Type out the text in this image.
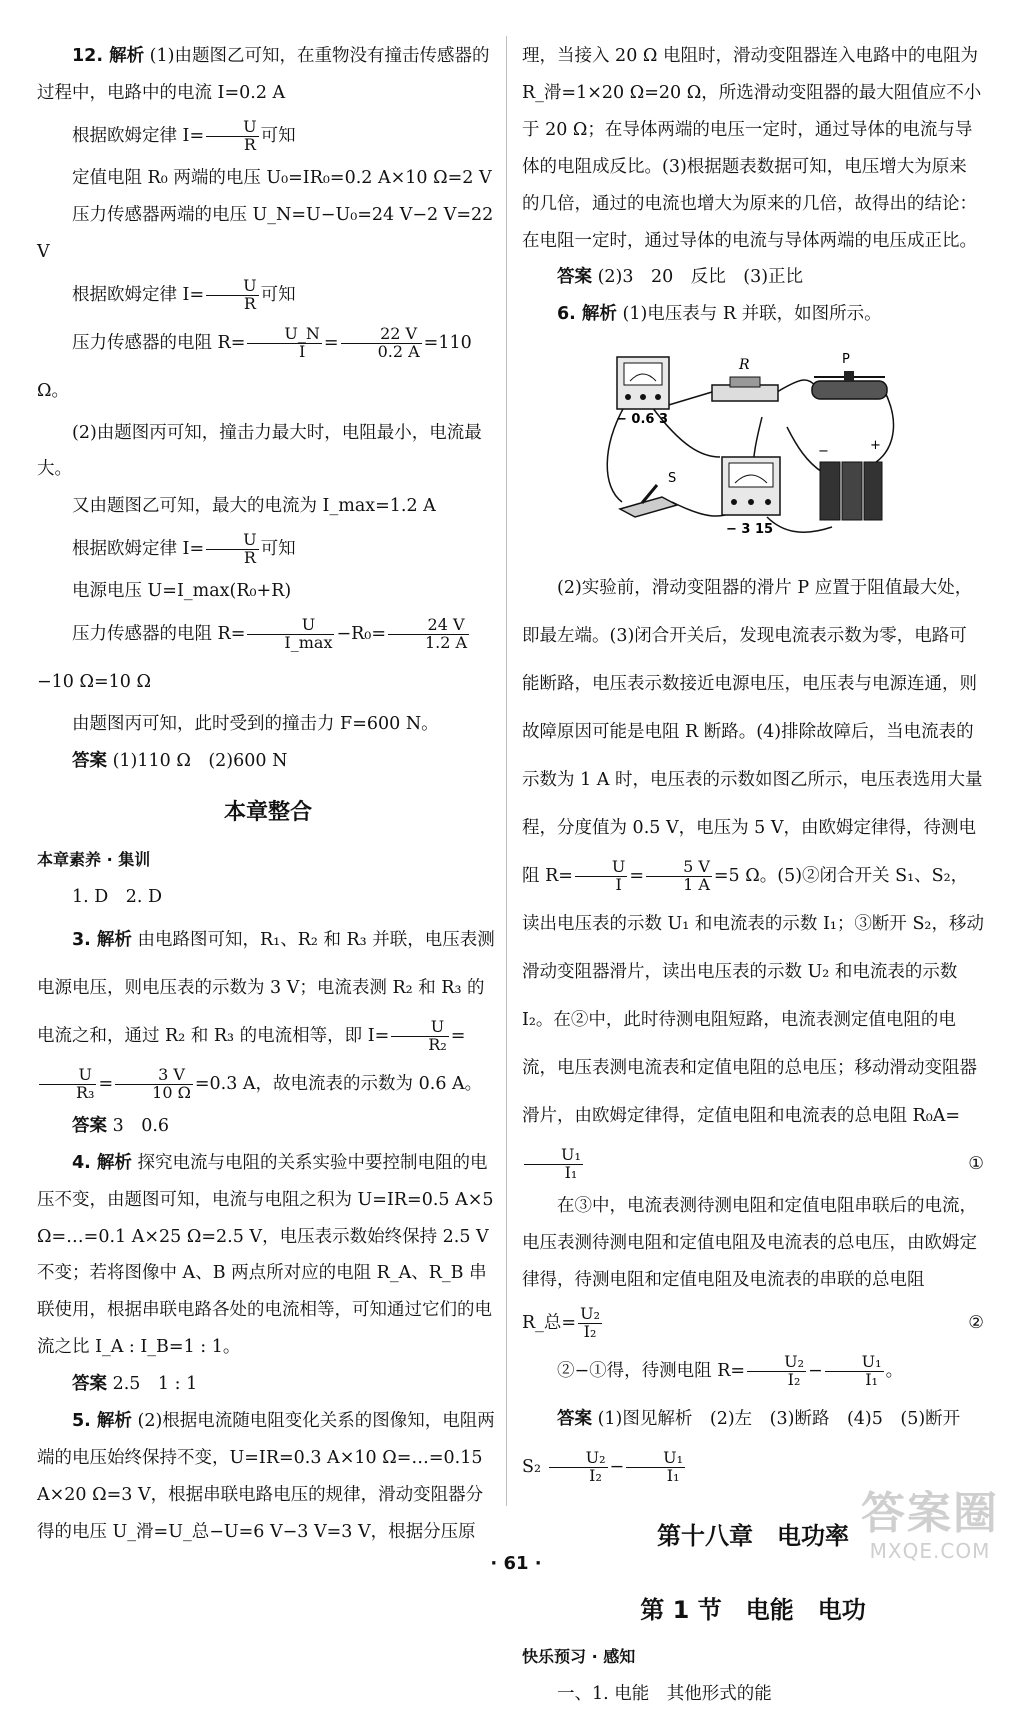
12. 解析 (1)由题图乙可知，在重物没有撞击传感器的过程中，电路中的电流 I=0.2 A

根据欧姆定律 $I= \frac{U}{R}$ 可知

定值电阻 R₀ 两端的电压 U₀=IR₀=0.2 A×10 Ω=2 V

压力传感器两端的电压 U_N=U−U₀=24 V−2 V=22 V

根据欧姆定律 $I= \frac{U}{R}$ 可知

压力传感器的电阻 $R= \frac{U\_N}{I} = \frac{22 V}{0.2 A} =110$ Ω。

(2)由题图丙可知，撞击力最大时，电阻最小，电流最大。

又由题图乙可知，最大的电流为 I_max=1.2 A

根据欧姆定律 $I= \frac{U}{R}$ 可知

电源电压 U=I_max(R₀+R)

压力传感器的电阻 $R= \frac{U}{I\_\max} -R_0= \frac{24 V}{1.2 A}$
−10 Ω=10 Ω

由题图丙可知，此时受到的撞击力 F=600 N。

答案 (1)110 Ω　(2)600 N

本章整合

本章素养 · 集训

1. D　2. D

3. 解析 由电路图可知，R₁、R₂ 和 R₃ 并联，电压表测电源电压，则电压表的示数为 3 V；电流表测 R₂ 和 R₃ 的电流之和，通过 R₂ 和 R₃ 的电流相等，即 $I= \frac{U}{\text{R₂}}$ =
$\frac{U}{\text{R₃}} = \frac{3 V}{10 \Omega} =0.3$ A，故电流表的示数为 0.6 A。

答案 3　0.6

4. 解析 探究电流与电阻的关系实验中要控制电阻的电压不变，由题图可知，电流与电阻之积为 U=IR=0.5 A×5 Ω=…=0.1 A×25 Ω=2.5 V，电压表示数始终保持 2.5 V 不变；若将图像中 A、B 两点所对应的电阻 R_A、R_B 串联使用，根据串联电路各处的电流相等，可知通过它们的电流之比 I_A : I_B=1 : 1。

答案 2.5　1 : 1

5. 解析 (2)根据电流随电阻变化关系的图像知，电阻两端的电压始终保持不变，U=IR=0.3 A×10 Ω=…=0.15 A×20 Ω=3 V，根据串联电路电压的规律，滑动变阻器分得的电压 U_滑=U_总−U=6 V−3 V=3 V，根据分压原

理，当接入 20 Ω 电阻时，滑动变阻器连入电路中的电阻为 R_滑=1×20 Ω=20 Ω，所选滑动变阻器的最大阻值应不小于 20 Ω；在导体两端的电压一定时，通过导体的电流与导体的电阻成反比。(3)根据题表数据可知，电压增大为原来的几倍，通过的电流也增大为原来的几倍，故得出的结论：在电阻一定时，通过导体的电流与导体两端的电压成正比。

答案 (2)3　20　反比　(3)正比

6. 解析 (1)电压表与 R 并联，如图所示。

− 0.6 3
R	P
S
− 3 15
−	+

(2)实验前，滑动变阻器的滑片 P 应置于阻值最大处，即最左端。(3)闭合开关后，发现电流表示数为零，电路可能断路，电压表示数接近电源电压，电压表与电源连通，则故障原因可能是电阻 R 断路。(4)排除故障后，当电流表的示数为 1 A 时，电压表的示数如图乙所示，电压表选用大量程，分度值为 0.5 V，电压为 5 V，由欧姆定律得，待测电阻 $R= \frac{U}{I} = \frac{5 V}{1 A} =5$ Ω。(5)②闭合开关 S₁、S₂，读出电压表的示数 U₁ 和电流表的示数 I₁；③断开 S₂，移动滑动变阻器滑片，读出电压表的示数 U₂ 和电流表的示数 I₂。在②中，此时待测电阻短路，电流表测定值电阻的电流，电压表测电流表和定值电阻的总电压；移动滑动变阻器滑片，由欧姆定律得，定值电阻和电流表的总电阻 R₀A=
$\frac{\text{U₁}}{\text{I₁}}$	①

在③中，电流表测待测电阻和定值电阻串联后的电流，电压表测待测电阻和定值电阻及电流表的总电压，由欧姆定律得，待测电阻和定值电阻及电流表的串联的总电阻

R_总= $\frac{\text{U₂}}{\text{I₂}}$	②

②−①得，待测电阻 $R= \frac{\text{U₂}}{\text{I₂}} - \frac{\text{U₁}}{\text{I₁}}$ 。

答案 (1)图见解析　(2)左　(3)断路　(4)5　(5)断开 $S_2 \frac{\text{U₂}}{\text{I₂}} - \frac{\text{U₁}}{\text{I₁}}$

第十八章　电功率
第 1 节　电能　电功

快乐预习 · 感知

一、1. 电能　其他形式的能

· 61 ·
答案圈
MXQE.COM
